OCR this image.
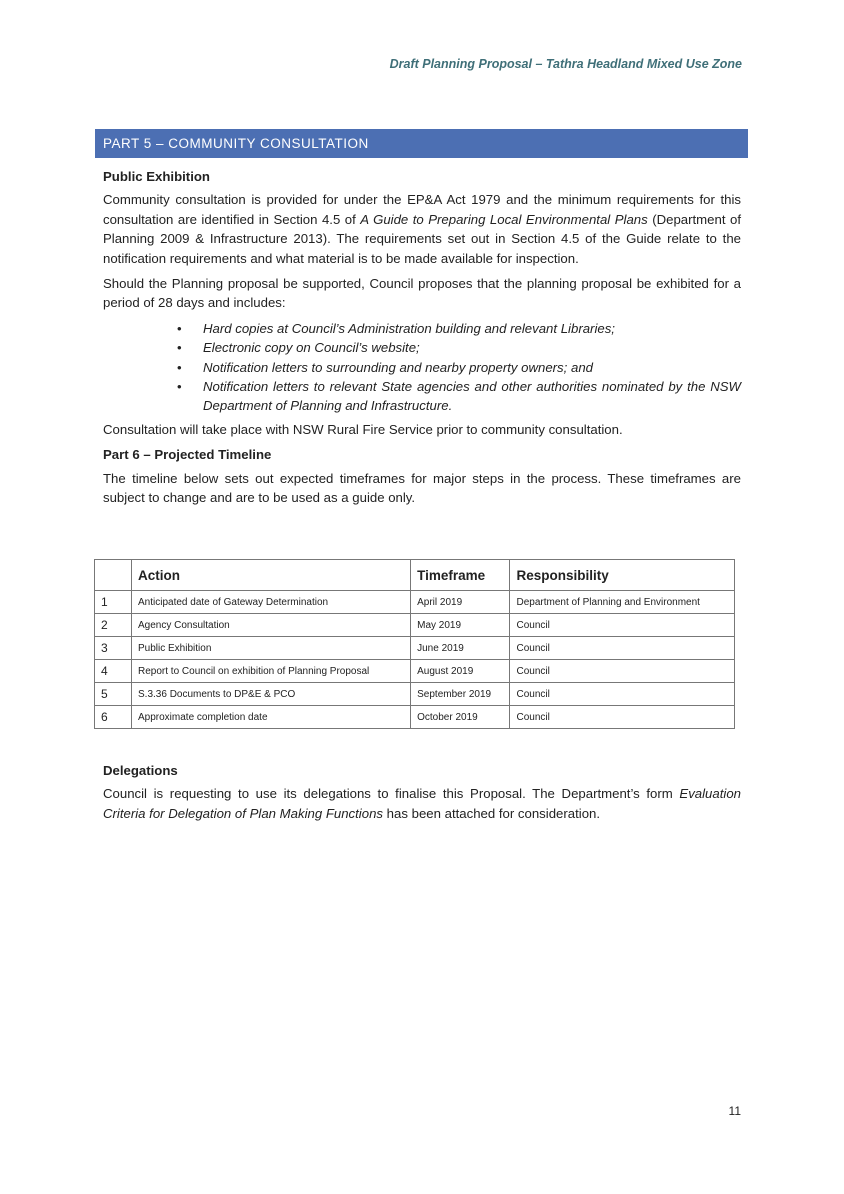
Draft Planning Proposal – Tathra Headland Mixed Use Zone
PART 5 – COMMUNITY CONSULTATION
Public Exhibition

Community consultation is provided for under the EP&A Act 1979 and the minimum requirements for this consultation are identified in Section 4.5 of A Guide to Preparing Local Environmental Plans (Department of Planning 2009 & Infrastructure 2013). The requirements set out in Section 4.5 of the Guide relate to the notification requirements and what material is to be made available for inspection.

Should the Planning proposal be supported, Council proposes that the planning proposal be exhibited for a period of 28 days and includes:

• Hard copies at Council’s Administration building and relevant Libraries;
• Electronic copy on Council’s website;
• Notification letters to surrounding and nearby property owners; and
• Notification letters to relevant State agencies and other authorities nominated by the NSW Department of Planning and Infrastructure.

Consultation will take place with NSW Rural Fire Service prior to community consultation.

Part 6 – Projected Timeline

The timeline below sets out expected timeframes for major steps in the process. These timeframes are subject to change and are to be used as a guide only.

	Action	Timeframe	Responsibility
1	Anticipated date of Gateway Determination	April 2019	Department of Planning and Environment
2	Agency Consultation	May 2019	Council
3	Public Exhibition	June 2019	Council
4	Report to Council on exhibition of Planning Proposal	August 2019	Council
5	S.3.36 Documents to DP&E & PCO	September 2019	Council
6	Approximate completion date	October 2019	Council
Delegations

Council is requesting to use its delegations to finalise this Proposal. The Department’s form Evaluation Criteria for Delegation of Plan Making Functions has been attached for consideration.

11
